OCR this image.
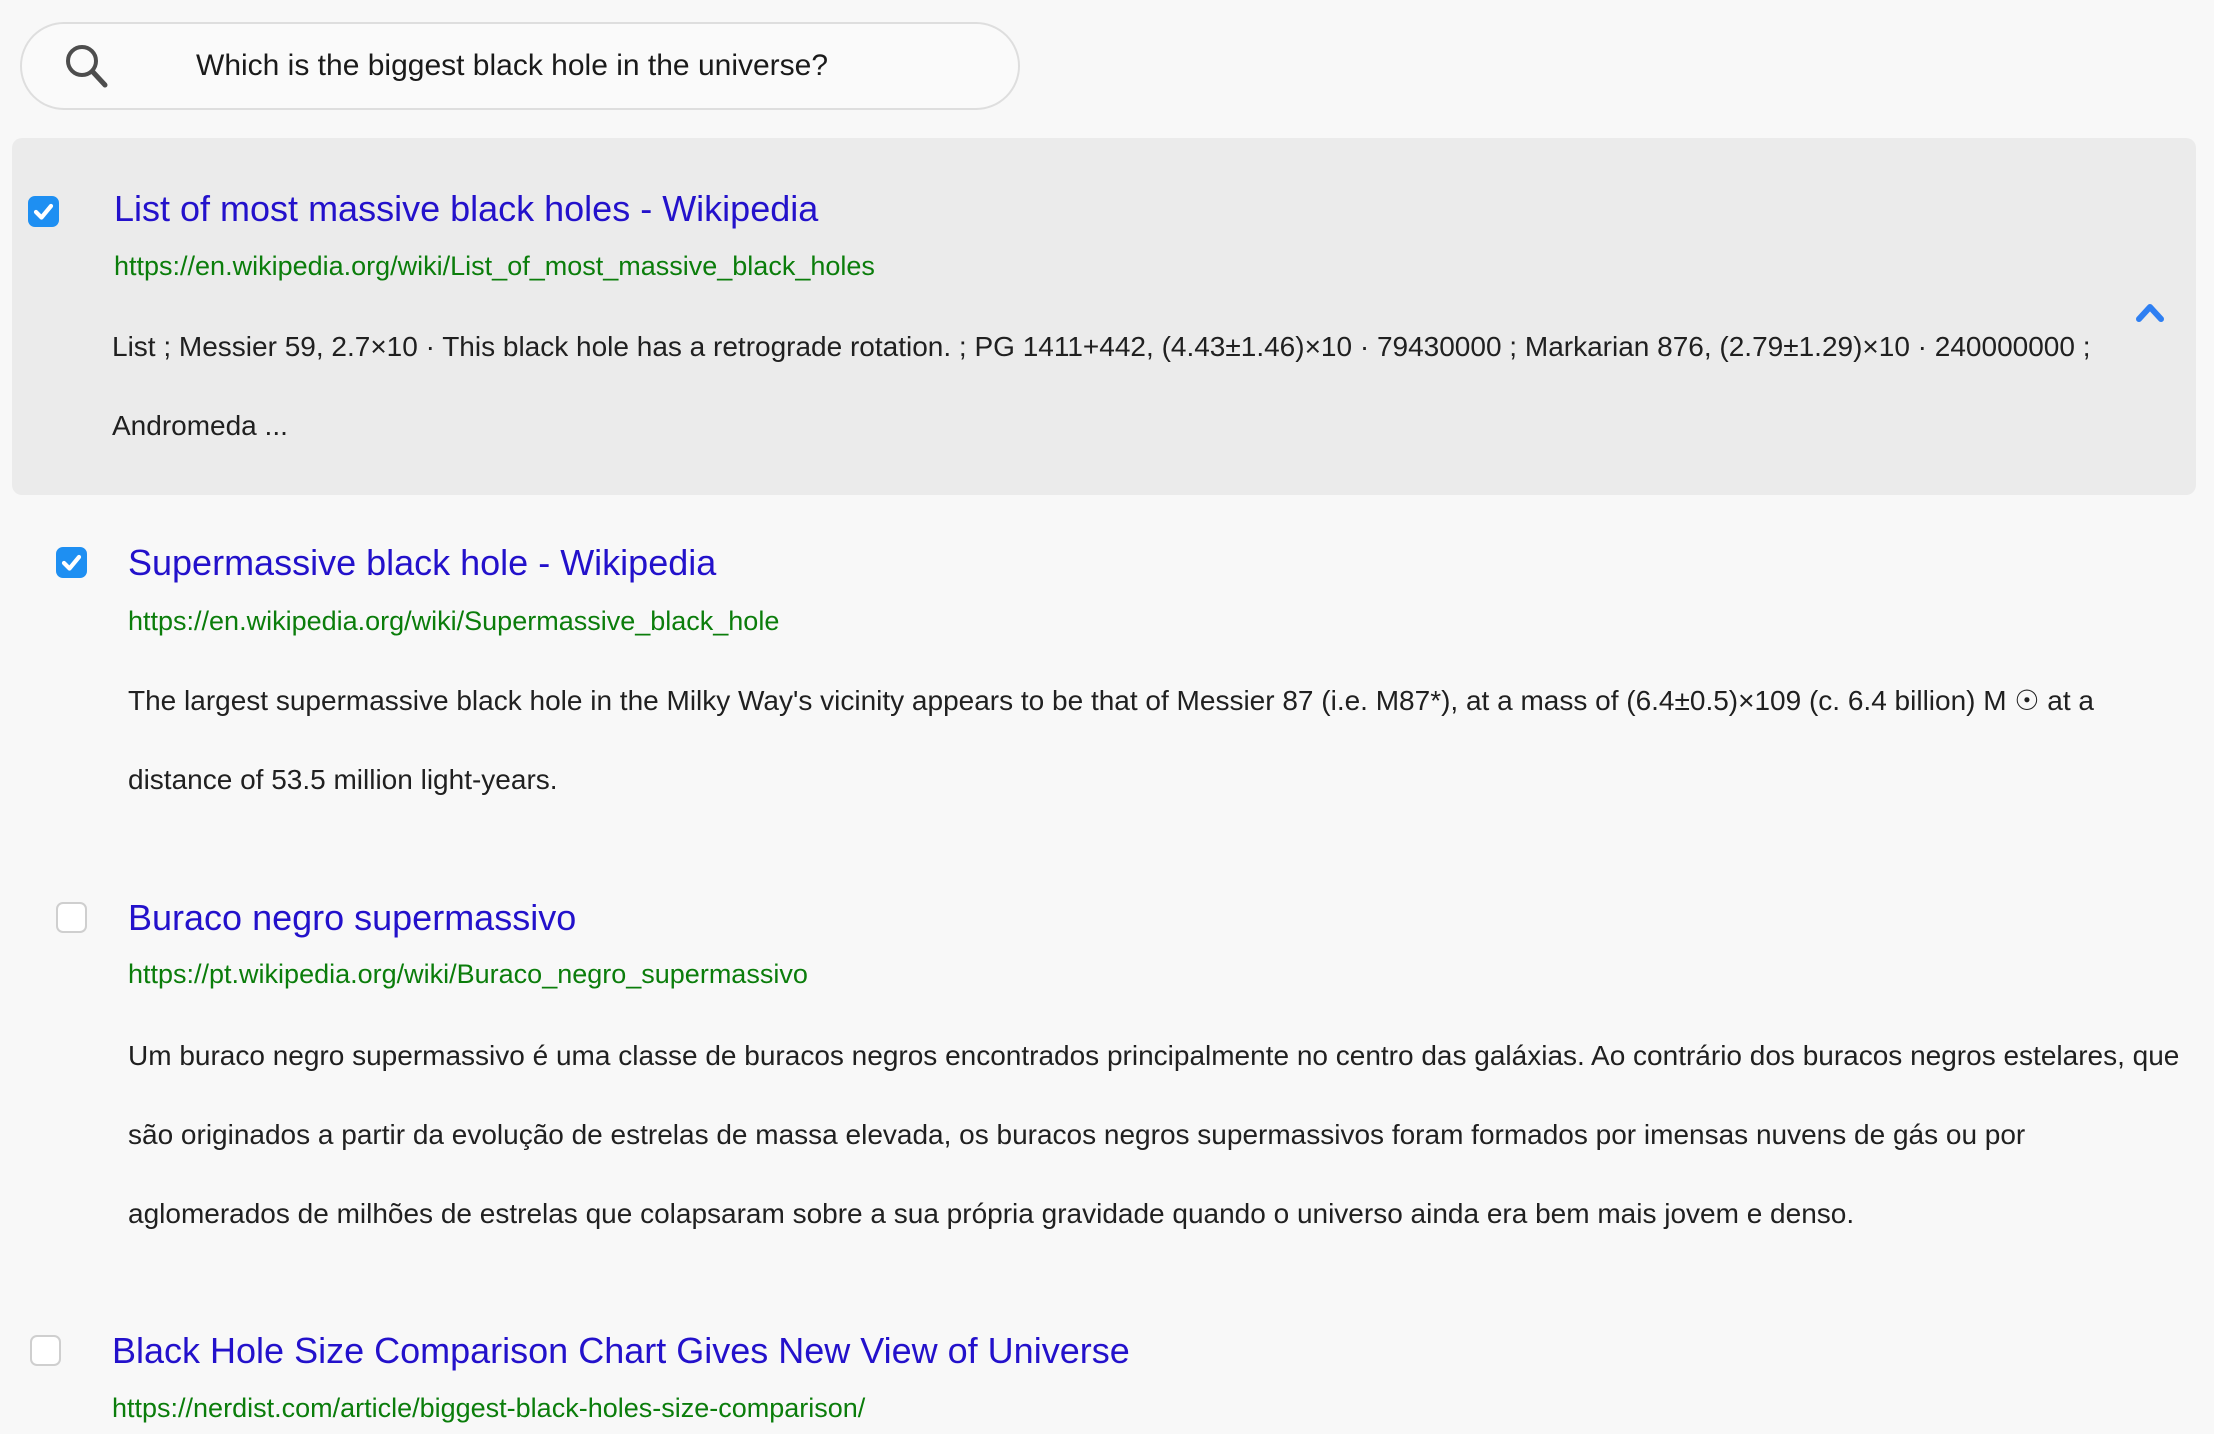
Which is the biggest black hole in the universe?
List of most massive black holes - Wikipedia
https://en.wikipedia.org/wiki/List_of_most_massive_black_holes
List ; Messier 59, 2.7×10 · This black hole has a retrograde rotation. ; PG 1411+442, (4.43±1.46)×10 · 79430000 ; Markarian 876, (2.79±1.29)×10 · 240000000 ;
Andromeda ...
Supermassive black hole - Wikipedia
https://en.wikipedia.org/wiki/Supermassive_black_hole
The largest supermassive black hole in the Milky Way's vicinity appears to be that of Messier 87 (i.e. M87*), at a mass of (6.4±0.5)×109 (c. 6.4 billion) M ☉ at a
distance of 53.5 million light-years.
Buraco negro supermassivo
https://pt.wikipedia.org/wiki/Buraco_negro_supermassivo
Um buraco negro supermassivo é uma classe de buracos negros encontrados principalmente no centro das galáxias. Ao contrário dos buracos negros estelares, que
são originados a partir da evolução de estrelas de massa elevada, os buracos negros supermassivos foram formados por imensas nuvens de gás ou por
aglomerados de milhões de estrelas que colapsaram sobre a sua própria gravidade quando o universo ainda era bem mais jovem e denso.
Black Hole Size Comparison Chart Gives New View of Universe
https://nerdist.com/article/biggest-black-holes-size-comparison/
